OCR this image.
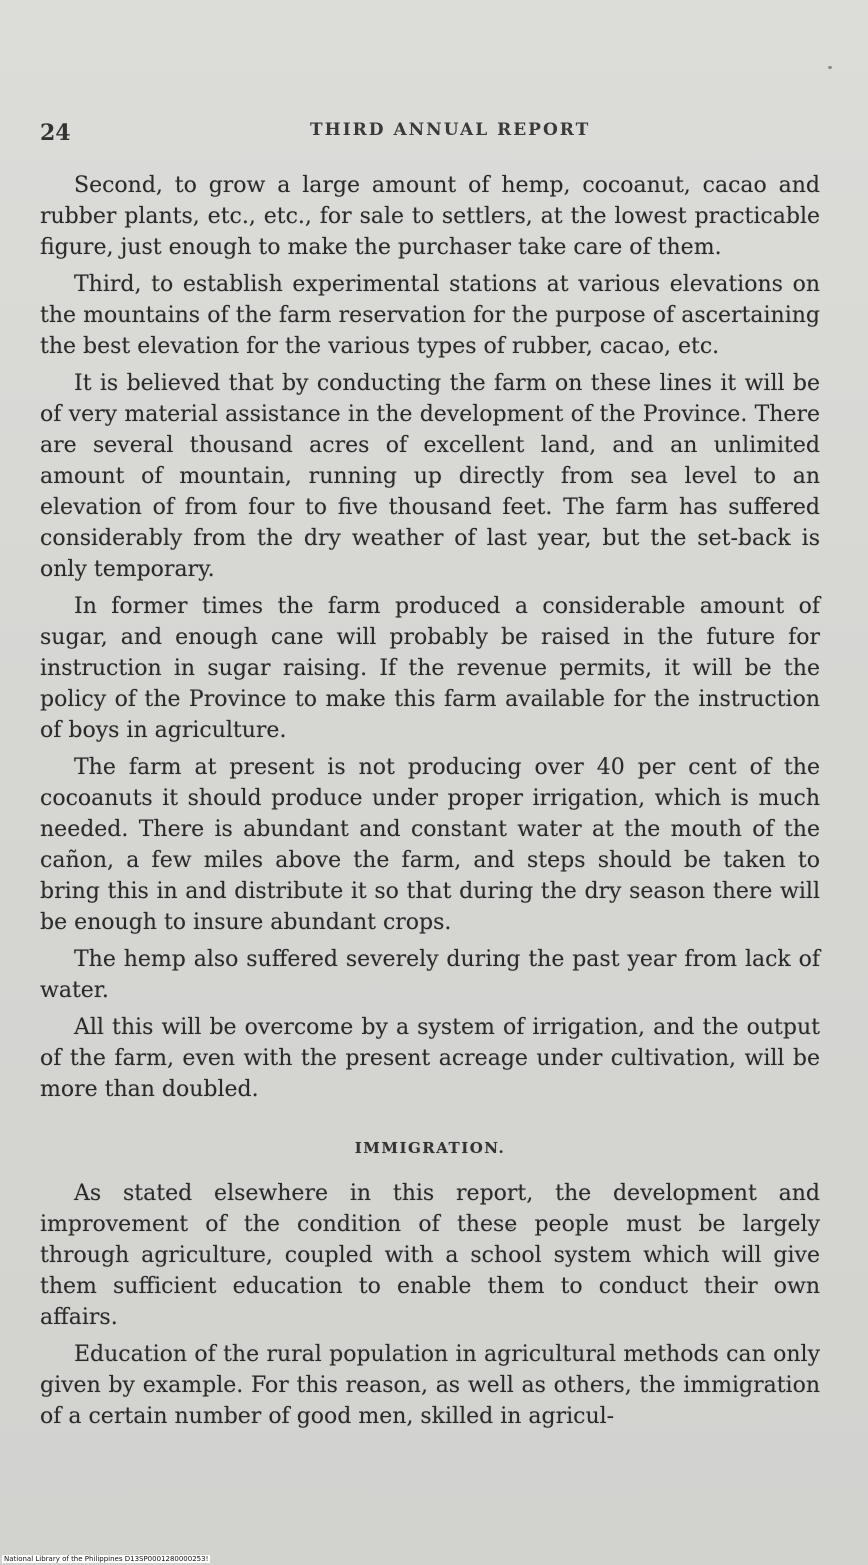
24	THIRD ANNUAL REPORT

Second, to grow a large amount of hemp, cocoanut, cacao and rubber plants, etc., etc., for sale to settlers, at the lowest practicable figure, just enough to make the purchaser take care of them.

Third, to establish experimental stations at various elevations on the mountains of the farm reservation for the purpose of ascertaining the best elevation for the various types of rubber, cacao, etc.

It is believed that by conducting the farm on these lines it will be of very material assistance in the development of the Province. There are several thousand acres of excellent land, and an unlimited amount of mountain, running up directly from sea level to an elevation of from four to five thousand feet. The farm has suffered considerably from the dry weather of last year, but the set-back is only temporary.

In former times the farm produced a considerable amount of sugar, and enough cane will probably be raised in the future for instruction in sugar raising. If the revenue permits, it will be the policy of the Province to make this farm available for the instruction of boys in agriculture.

The farm at present is not producing over 40 per cent of the cocoanuts it should produce under proper irrigation, which is much needed. There is abundant and constant water at the mouth of the cañon, a few miles above the farm, and steps should be taken to bring this in and distribute it so that during the dry season there will be enough to insure abundant crops.

The hemp also suffered severely during the past year from lack of water.

All this will be overcome by a system of irrigation, and the output of the farm, even with the present acreage under cultivation, will be more than doubled.

IMMIGRATION.

As stated elsewhere in this report, the development and improvement of the condition of these people must be largely through agriculture, coupled with a school system which will give them sufficient education to enable them to conduct their own affairs.

Education of the rural population in agricultural methods can only given by example. For this reason, as well as others, the immigration of a certain number of good men, skilled in agricul-

National Library of the Philippines D13SP0001280000253!
